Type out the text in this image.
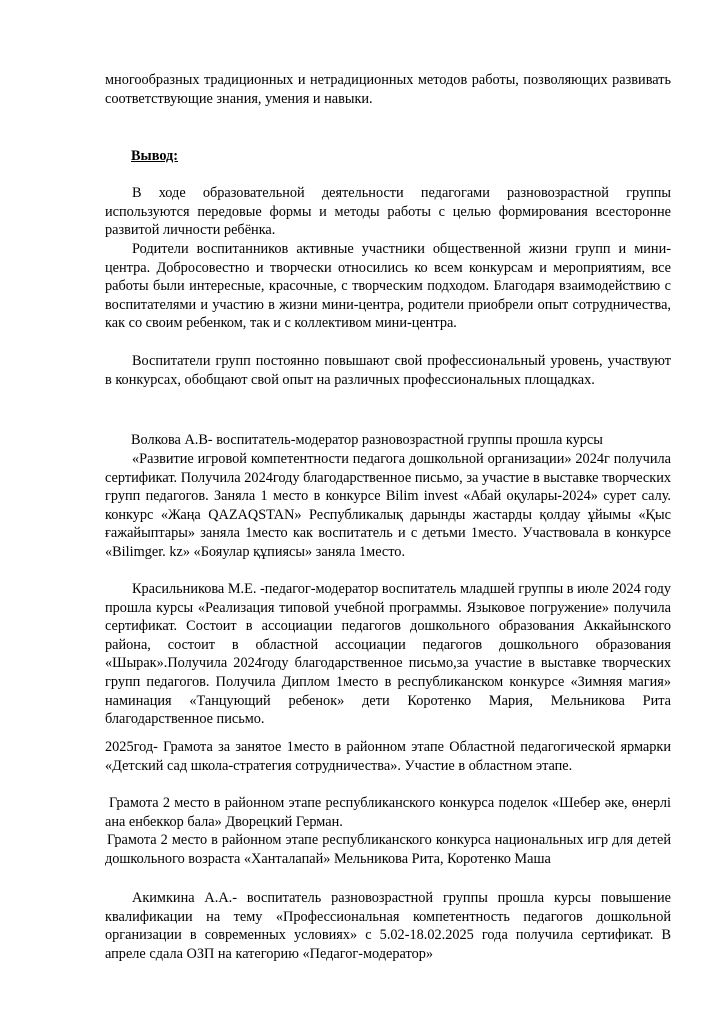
многообразных традиционных и нетрадиционных методов работы, позволяющих развивать соответствующие знания, умения и навыки.

Вывод:

В ходе образовательной деятельности педагогами разновозрастной группы используются передовые формы и методы работы с целью формирования всесторонне развитой личности ребёнка.

Родители воспитанников активные участники общественной жизни групп и мини-центра. Добросовестно и творчески относились ко всем конкурсам и мероприятиям, все работы были интересные, красочные, с творческим подходом. Благодаря взаимодействию с воспитателями и участию в жизни мини-центра, родители приобрели опыт сотрудничества, как со своим ребенком, так и с коллективом мини-центра.

Воспитатели групп постоянно повышают свой профессиональный уровень, участвуют в конкурсах, обобщают свой опыт на различных профессиональных площадках.

Волкова А.В- воспитатель-модератор разновозрастной группы прошла курсы

«Развитие игровой компетентности педагога дошкольной организации» 2024г получила сертификат. Получила 2024году благодарственное письмо, за участие в выставке творческих групп педагогов. Заняла 1 место в конкурсе Bilim invest «Абай оқулары-2024» сурет салу. конкурс «Жаңа QAZAQSTAN» Республикалық дарынды жастарды қолдау ұйымы «Қыс ғажайыптары» заняла 1место как воспитатель и с детьми 1место. Участвовала в конкурсе «Bilimger. kz» «Бояулар құпиясы» заняла 1место.

Красильникова М.Е. -педагог-модератор воспитатель младшей группы в июле 2024 году прошла курсы «Реализация типовой учебной программы. Языковое погружение» получила сертификат. Состоит в ассоциации педагогов дошкольного образования Аккайынского района, состоит в областной ассоциации педагогов дошкольного образования «Шырак».Получила 2024году благодарственное письмо,за участие в выставке творческих групп педагогов. Получила Диплом 1место в республиканском конкурсе «Зимняя магия» наминация «Танцующий ребенок» дети Коротенко Мария, Мельникова Рита благодарственное письмо.

2025год- Грамота за занятое 1место в районном этапе Областной педагогической ярмарки «Детский сад школа-стратегия сотрудничества». Участие в областном этапе.

Грамота 2 место в районном этапе республиканского конкурса поделок «Шебер әке, өнерлі ана енбеккор бала» Дворецкий Герман.

Грамота 2 место в районном этапе республиканского конкурса национальных игр для детей дошкольного возраста «Ханталапай» Мельникова Рита, Коротенко Маша

Акимкина А.А.- воспитатель разновозрастной группы прошла курсы повышение квалификации на тему «Профессиональная компетентность педагогов дошкольной организации в современных условиях» с 5.02-18.02.2025 года получила сертификат. В апреле сдала ОЗП на категорию «Педагог-модератор»
